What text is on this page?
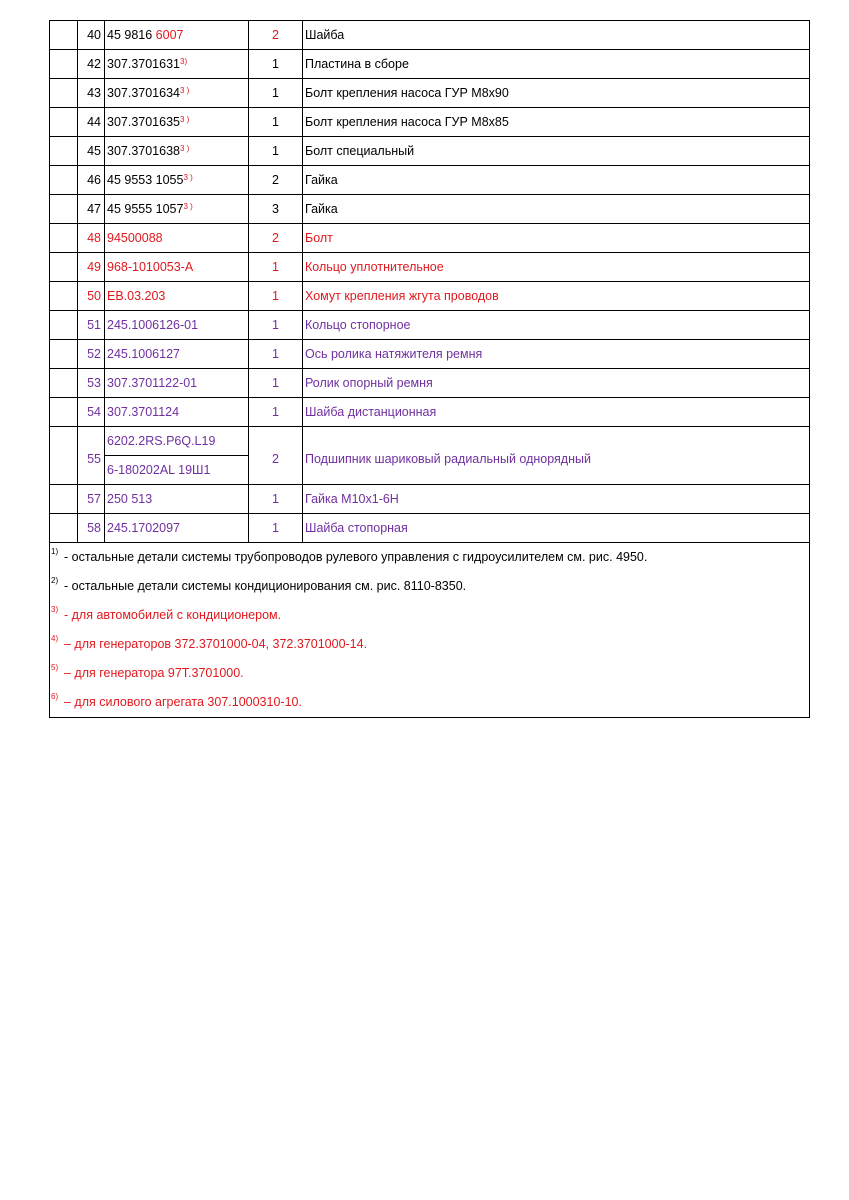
	40	45 9816 6007	2	Шайба
	42	307.3701631$^{3)}$	1	Пластина в сборе
	43	$307.3701634^{3 )}$	1	Болт крепления насоса ГУР М8х90
	44	$307.3701635^{3 )}$	1	Болт крепления насоса ГУР М8х85
	45	$307.3701638^{3 )}$	1	Болт специальный
	46	45 9553 $1055^{3 )}$	2	Гайка
	47	45 9555 $1057^{3 )}$	3	Гайка
	48	94500088	2	Болт
	49	968-1010053-А	1	Кольцо уплотнительное
	50	EB.03.203	1	Хомут крепления жгута проводов
	51	245.1006126-01	1	Кольцо стопорное
	52	245.1006127	1	Ось ролика натяжителя ремня
	53	307.3701122-01	1	Ролик опорный ремня
	54	307.3701124	1	Шайба дистанционная
	55	6202.2RS.P6Q.L19	2	Подшипник шариковый радиальный однорядный
		6-180202AL 19Ш1		
	57	250 513	1	Гайка М10х1-6Н
	58	245.1702097	1	Шайба стопорная
1) - остальные детали системы трубопроводов рулевого управления с гидроусилителем см. рис. 4950.
2) - остальные детали системы кондиционирования см. рис. 8110-8350.
3) - для автомобилей с кондиционером.
4) – для генераторов 372.3701000-04, 372.3701000-14.
5) – для генератора 97Т.3701000.
6) – для силового агрегата 307.1000310-10.
